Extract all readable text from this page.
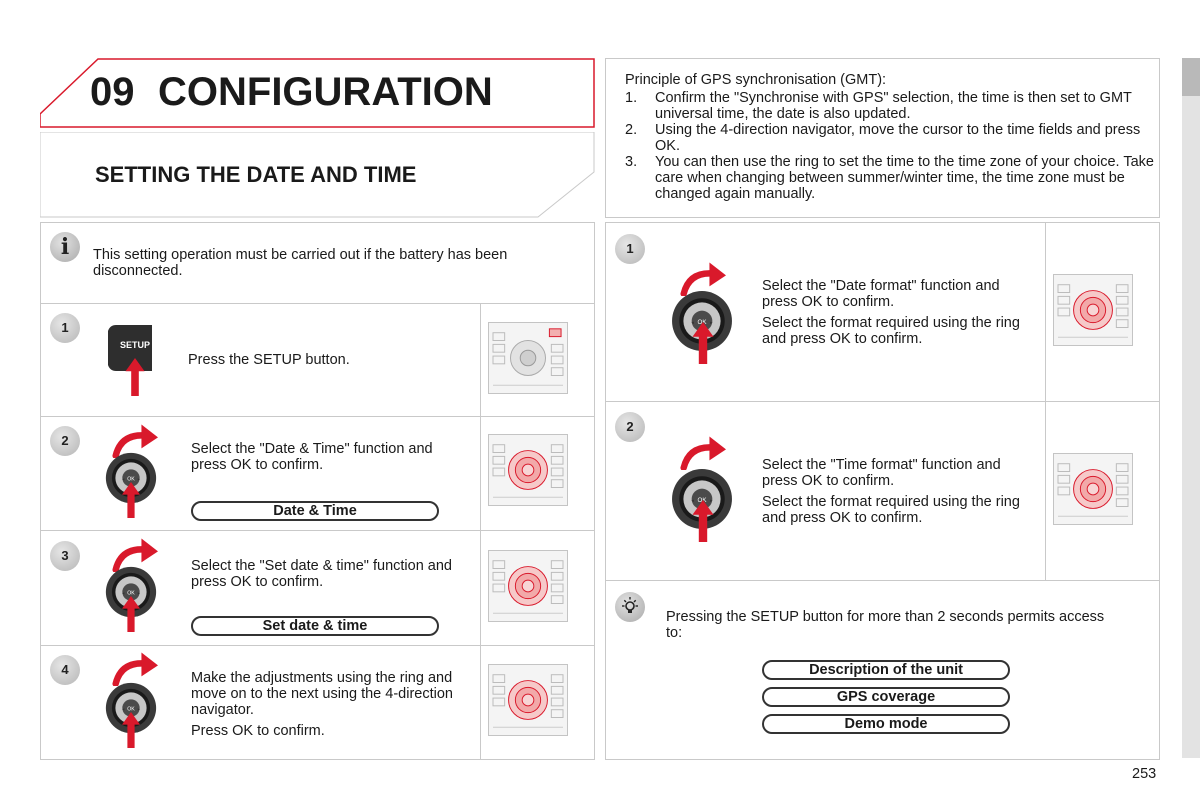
09 CONFIGURATION
SETTING THE DATE AND TIME
i	This setting operation must be carried out if the battery has been disconnected.
1
SETUP
Press the SETUP button.
2
Select the "Date & Time" function and press OK to confirm.
Date & Time
3
Select the "Set date & time" function and press OK to confirm.
Set date & time
4
Make the adjustments using the ring and move on to the next using the 4-direction navigator.
Press OK to confirm.
Principle of GPS synchronisation (GMT):
1. Confirm the "Synchronise with GPS" selection, the time is then set to GMT universal time, the date is also updated.
2. Using the 4-direction navigator, move the cursor to the time fields and press OK.
3. You can then use the ring to set the time to the time zone of your choice. Take care when changing between summer/winter time, the time zone must be changed again manually.
1
Select the "Date format" function and press OK to confirm.
Select the format required using the ring and press OK to confirm.
2
Select the "Time format" function and press OK to confirm.
Select the format required using the ring and press OK to confirm.
Pressing the SETUP button for more than 2 seconds permits access to:
Description of the unit
GPS coverage
Demo mode
253
